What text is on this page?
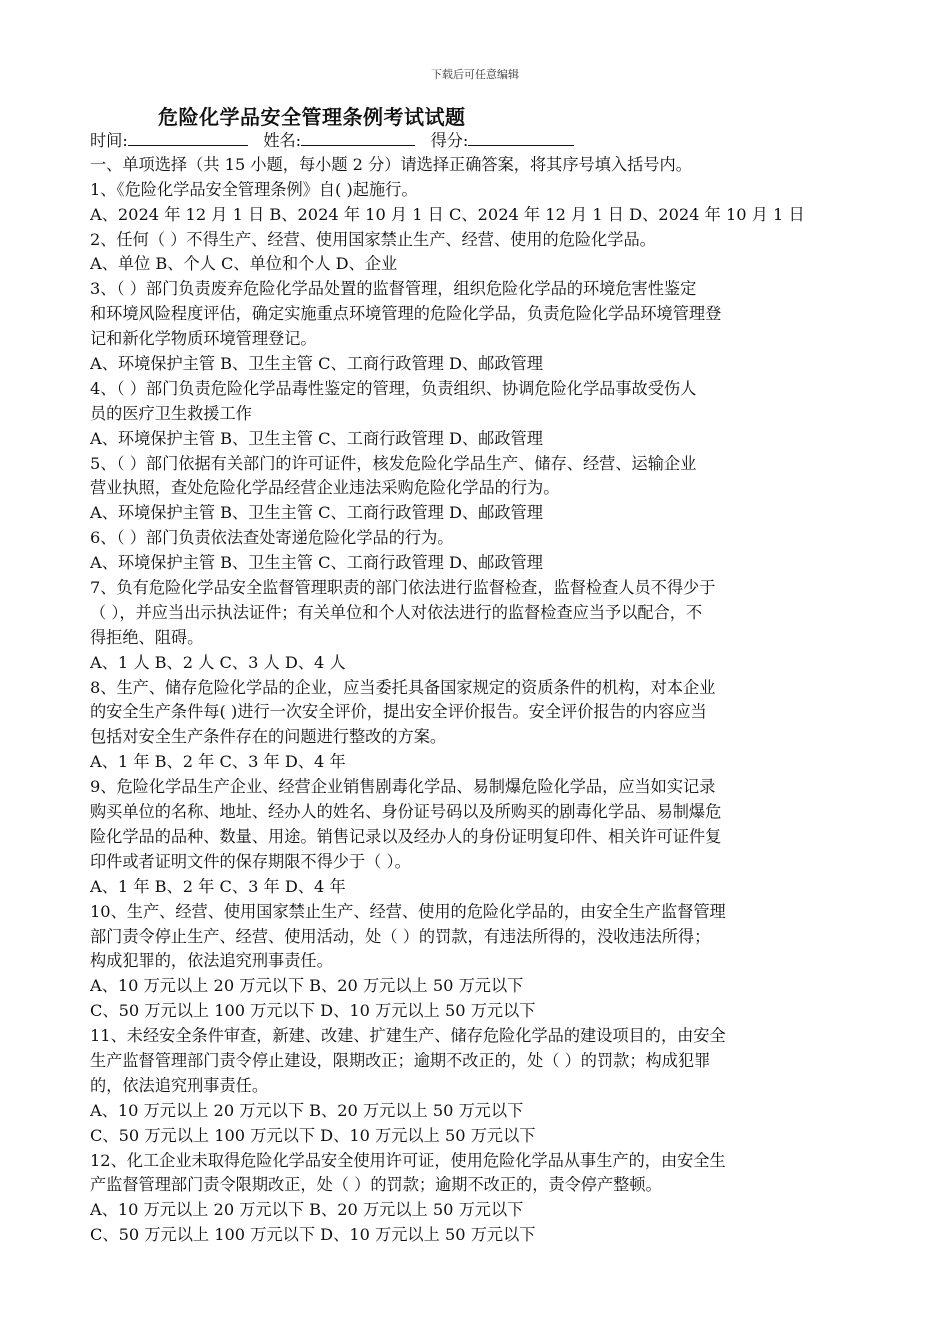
下载后可任意编辑
危险化学品安全管理条例考试试题
时间:	姓名:	得分:
一、单项选择（共 15 小题，每小题 2 分）请选择正确答案，将其序号填入括号内。
1、《危险化学品安全管理条例》自( )起施行。
A、2024 年 12 月 1 日 B、2024 年 10 月 1 日 C、2024 年 12 月 1 日 D、2024 年 10 月 1 日
2、任何（ ）不得生产、经营、使用国家禁止生产、经营、使用的危险化学品。
A、单位 B、个人 C、单位和个人 D、企业
3、（ ）部门负责废弃危险化学品处置的监督管理，组织危险化学品的环境危害性鉴定
和环境风险程度评估，确定实施重点环境管理的危险化学品，负责危险化学品环境管理登
记和新化学物质环境管理登记。
A、环境保护主管 B、卫生主管 C、工商行政管理 D、邮政管理
4、（ ）部门负责危险化学品毒性鉴定的管理，负责组织、协调危险化学品事故受伤人
员的医疗卫生救援工作
A、环境保护主管 B、卫生主管 C、工商行政管理 D、邮政管理
5、（ ）部门依据有关部门的许可证件，核发危险化学品生产、储存、经营、运输企业
营业执照，查处危险化学品经营企业违法采购危险化学品的行为。
A、环境保护主管 B、卫生主管 C、工商行政管理 D、邮政管理
6、（ ）部门负责依法查处寄递危险化学品的行为。
A、环境保护主管 B、卫生主管 C、工商行政管理 D、邮政管理
7、负有危险化学品安全监督管理职责的部门依法进行监督检查，监督检查人员不得少于
（ ），并应当出示执法证件；有关单位和个人对依法进行的监督检查应当予以配合，不
得拒绝、阻碍。
A、1 人 B、2 人 C、3 人 D、4 人
8、生产、储存危险化学品的企业，应当委托具备国家规定的资质条件的机构，对本企业
的安全生产条件每( )进行一次安全评价，提出安全评价报告。安全评价报告的内容应当
包括对安全生产条件存在的问题进行整改的方案。
A、1 年 B、2 年 C、3 年 D、4 年
9、危险化学品生产企业、经营企业销售剧毒化学品、易制爆危险化学品，应当如实记录
购买单位的名称、地址、经办人的姓名、身份证号码以及所购买的剧毒化学品、易制爆危
险化学品的品种、数量、用途。销售记录以及经办人的身份证明复印件、相关许可证件复
印件或者证明文件的保存期限不得少于（ ）。
A、1 年 B、2 年 C、3 年 D、4 年
10、生产、经营、使用国家禁止生产、经营、使用的危险化学品的，由安全生产监督管理
部门责令停止生产、经营、使用活动，处（ ）的罚款，有违法所得的，没收违法所得；
构成犯罪的，依法追究刑事责任。
A、10 万元以上 20 万元以下 B、20 万元以上 50 万元以下
C、50 万元以上 100 万元以下 D、10 万元以上 50 万元以下
11、未经安全条件审查，新建、改建、扩建生产、储存危险化学品的建设项目的，由安全
生产监督管理部门责令停止建设，限期改正；逾期不改正的，处（ ）的罚款；构成犯罪
的，依法追究刑事责任。
A、10 万元以上 20 万元以下 B、20 万元以上 50 万元以下
C、50 万元以上 100 万元以下 D、10 万元以上 50 万元以下
12、化工企业未取得危险化学品安全使用许可证，使用危险化学品从事生产的，由安全生
产监督管理部门责令限期改正，处（ ）的罚款；逾期不改正的，责令停产整顿。
A、10 万元以上 20 万元以下 B、20 万元以上 50 万元以下
C、50 万元以上 100 万元以下 D、10 万元以上 50 万元以下
